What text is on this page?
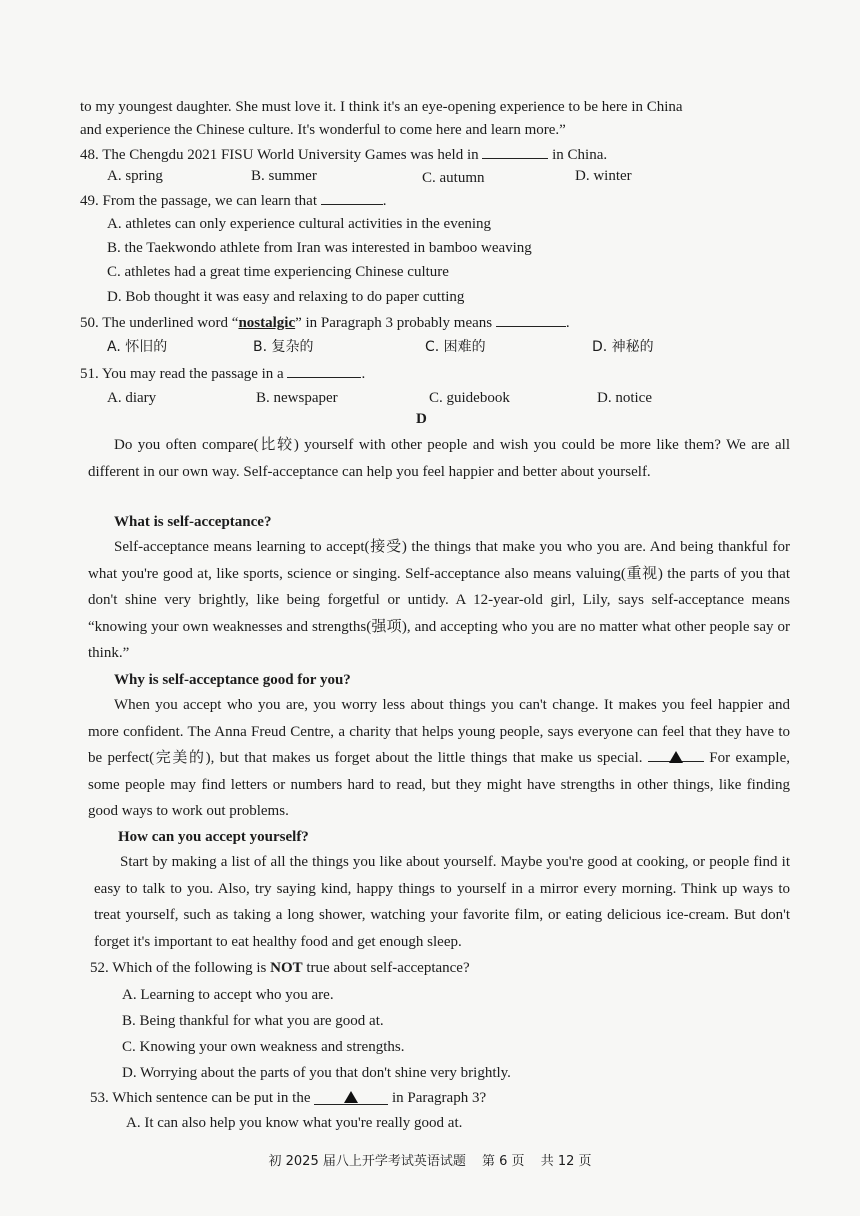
to my youngest daughter. She must love it. I think it's an eye-opening experience to be here in China
and experience the Chinese culture. It's wonderful to come here and learn more.”
48. The Chengdu 2021 FISU World University Games was held in	in China.
A. spring	B. summer	C. autumn	D. winter
49. From the passage, we can learn that	.
A. athletes can only experience cultural activities in the evening
B. the Taekwondo athlete from Iran was interested in bamboo weaving
C. athletes had a great time experiencing Chinese culture
D. Bob thought it was easy and relaxing to do paper cutting
50. The underlined word “nostalgic” in Paragraph 3 probably means	.
A. 怀旧的	B. 复杂的	C. 困难的	D. 神秘的
51. You may read the passage in a	.
A. diary	B. newspaper	C. guidebook	D. notice
D
Do you often compare(比较) yourself with other people and wish you could be more like them? We are all different in our own way. Self-acceptance can help you feel happier and better about yourself.
What is self-acceptance?
Self-acceptance means learning to accept(接受) the things that make you who you are. And being thankful for what you're good at, like sports, science or singing. Self-acceptance also means valuing(重视) the parts of you that don't shine very brightly, like being forgetful or untidy. A 12-year-old girl, Lily, says self-acceptance means “knowing your own weaknesses and strengths(强项), and accepting who you are no matter what other people say or think.”
Why is self-acceptance good for you?
When you accept who you are, you worry less about things you can't change. It makes you feel happier and more confident. The Anna Freud Centre, a charity that helps young people, says everyone can feel that they have to be perfect(完美的), but that makes us forget about the little things that make us special.	For example, some people may find letters or numbers hard to read, but they might have strengths in other things, like finding good ways to work out problems.
How can you accept yourself?
Start by making a list of all the things you like about yourself. Maybe you're good at cooking, or people find it easy to talk to you. Also, try saying kind, happy things to yourself in a mirror every morning. Think up ways to treat yourself, such as taking a long shower, watching your favorite film, or eating delicious ice-cream. But don't forget it's important to eat healthy food and get enough sleep.
52. Which of the following is NOT true about self-acceptance?
A. Learning to accept who you are.
B. Being thankful for what you are good at.
C. Knowing your own weakness and strengths.
D. Worrying about the parts of you that don't shine very brightly.
53. Which sentence can be put in the	in Paragraph 3?
A. It can also help you know what you're really good at.
初 2025 届八上开学考试英语试题 第 6 页 共 12 页
